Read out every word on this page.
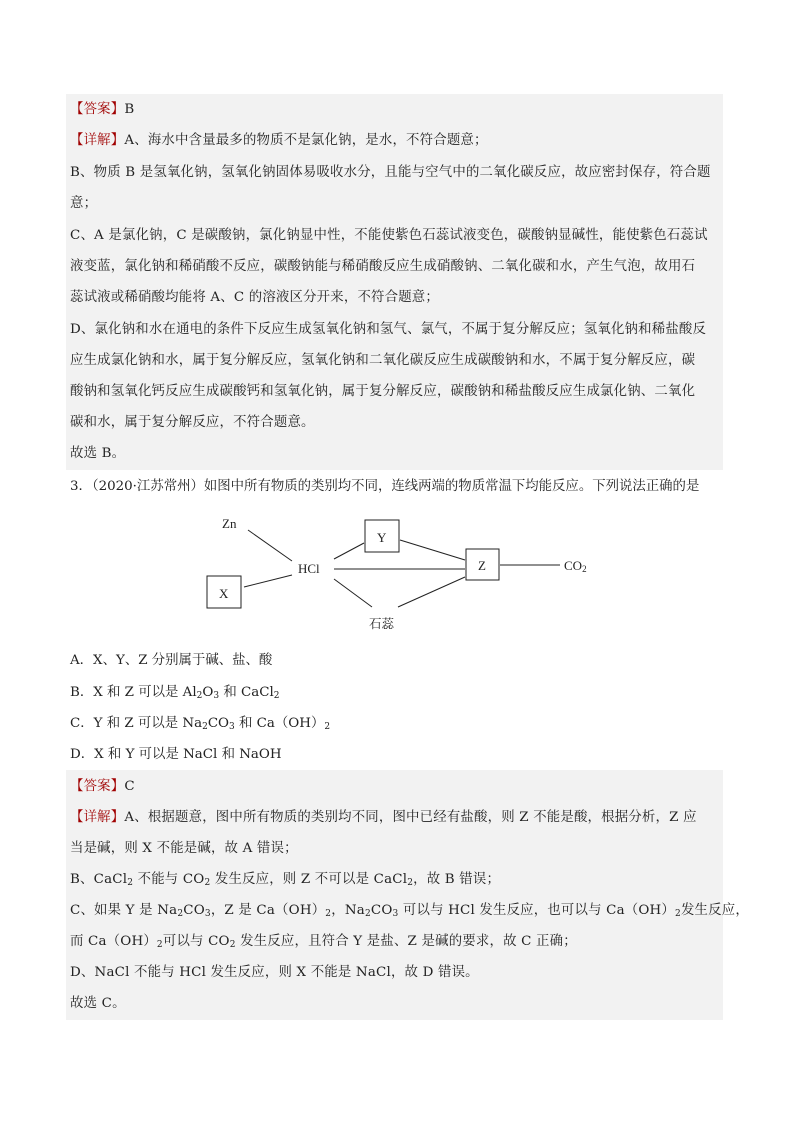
【答案】B
【详解】A、海水中含量最多的物质不是氯化钠，是水，不符合题意；
B、物质 B 是氢氧化钠，氢氧化钠固体易吸收水分，且能与空气中的二氧化碳反应，故应密封保存，符合题
意；
C、A 是氯化钠，C 是碳酸钠，氯化钠显中性，不能使紫色石蕊试液变色，碳酸钠显碱性，能使紫色石蕊试
液变蓝，氯化钠和稀硝酸不反应，碳酸钠能与稀硝酸反应生成硝酸钠、二氧化碳和水，产生气泡，故用石
蕊试液或稀硝酸均能将 A、C 的溶液区分开来，不符合题意；
D、氯化钠和水在通电的条件下反应生成氢氧化钠和氢气、氯气，不属于复分解反应；氢氧化钠和稀盐酸反
应生成氯化钠和水，属于复分解反应，氢氧化钠和二氧化碳反应生成碳酸钠和水，不属于复分解反应，碳
酸钠和氢氧化钙反应生成碳酸钙和氢氧化钠，属于复分解反应，碳酸钠和稀盐酸反应生成氯化钠、二氧化
碳和水，属于复分解反应，不符合题意。
故选 B。
3．（2020·江苏常州）如图中所有物质的类别均不同，连线两端的物质常温下均能反应。下列说法正确的是
Zn
HCl
X
Y
Z	CO2
石蕊
A．X、Y、Z 分别属于碱、盐、酸
B．X 和 Z 可以是 $Al_2O_3$ 和 CaCl$_2$
C．Y 和 Z 可以是 $Na_2CO_3$ 和 $Ca(OH)_2$
D．X 和 Y 可以是 NaCl 和 NaOH
【答案】C
【详解】A、根据题意，图中所有物质的类别均不同，图中已经有盐酸，则 Z 不能是酸，根据分析，Z 应
当是碱，则 X 不能是碱，故 A 错误；
B、CaCl$_2$ 不能与 $CO_2$ 发生反应，则 Z 不可以是 CaCl$_2$，故 B 错误；
C、如果 Y 是 $Na_2CO_3$，Z 是 $Ca(OH)_2$，$Na_2CO_3$ 可以与 HCl 发生反应，也可以与 $Ca(OH)_2$发生反应，
而 $Ca(OH)_2$可以与 $CO_2$ 发生反应，且符合 Y 是盐、Z 是碱的要求，故 C 正确；
D、NaCl 不能与 HCl 发生反应，则 X 不能是 NaCl，故 D 错误。
故选 C。
